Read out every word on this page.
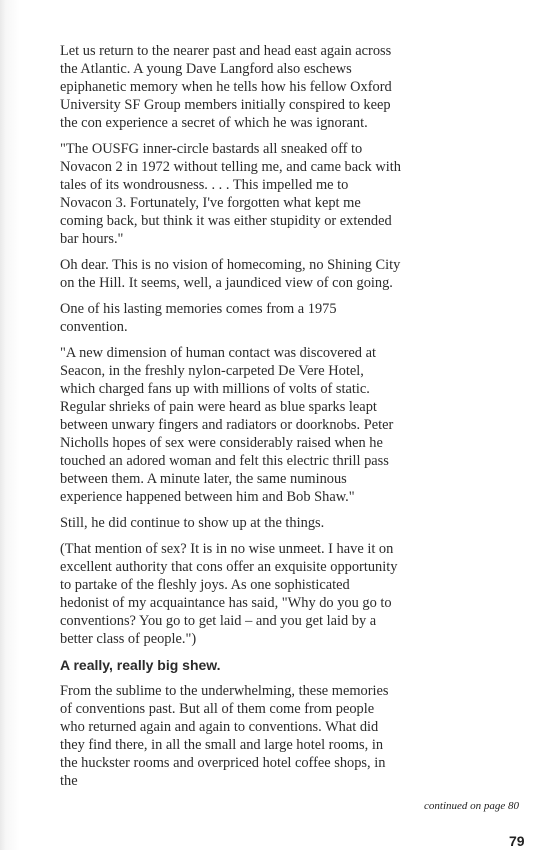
Let us return to the nearer past and head east again across the Atlantic. A young Dave Langford also eschews epiphanetic memory when he tells how his fellow Oxford University SF Group members initially conspired to keep the con experience a secret of which he was ignorant.

"The OUSFG inner-circle bastards all sneaked off to Novacon 2 in 1972 without telling me, and came back with tales of its wondrousness. . . . This impelled me to Novacon 3. Fortunately, I've forgotten what kept me coming back, but think it was either stupidity or extended bar hours."

Oh dear. This is no vision of homecoming, no Shining City on the Hill. It seems, well, a jaundiced view of con going.

One of his lasting memories comes from a 1975 convention.

"A new dimension of human contact was discovered at Seacon, in the freshly nylon-carpeted De Vere Hotel, which charged fans up with millions of volts of static. Regular shrieks of pain were heard as blue sparks leapt between unwary fingers and radiators or doorknobs. Peter Nicholls hopes of sex were considerably raised when he touched an adored woman and felt this electric thrill pass between them. A minute later, the same numinous experience happened between him and Bob Shaw."

Still, he did continue to show up at the things.

(That mention of sex? It is in no wise unmeet. I have it on excellent authority that cons offer an exquisite opportunity to partake of the fleshly joys. As one sophisticated hedonist of my acquaintance has said, "Why do you go to conventions? You go to get laid – and you get laid by a better class of people.")

A really, really big shew.

From the sublime to the underwhelming, these memories of conventions past. But all of them come from people who returned again and again to conventions. What did they find there, in all the small and large hotel rooms, in the huckster rooms and overpriced hotel coffee shops, in the

continued on page 80
79
